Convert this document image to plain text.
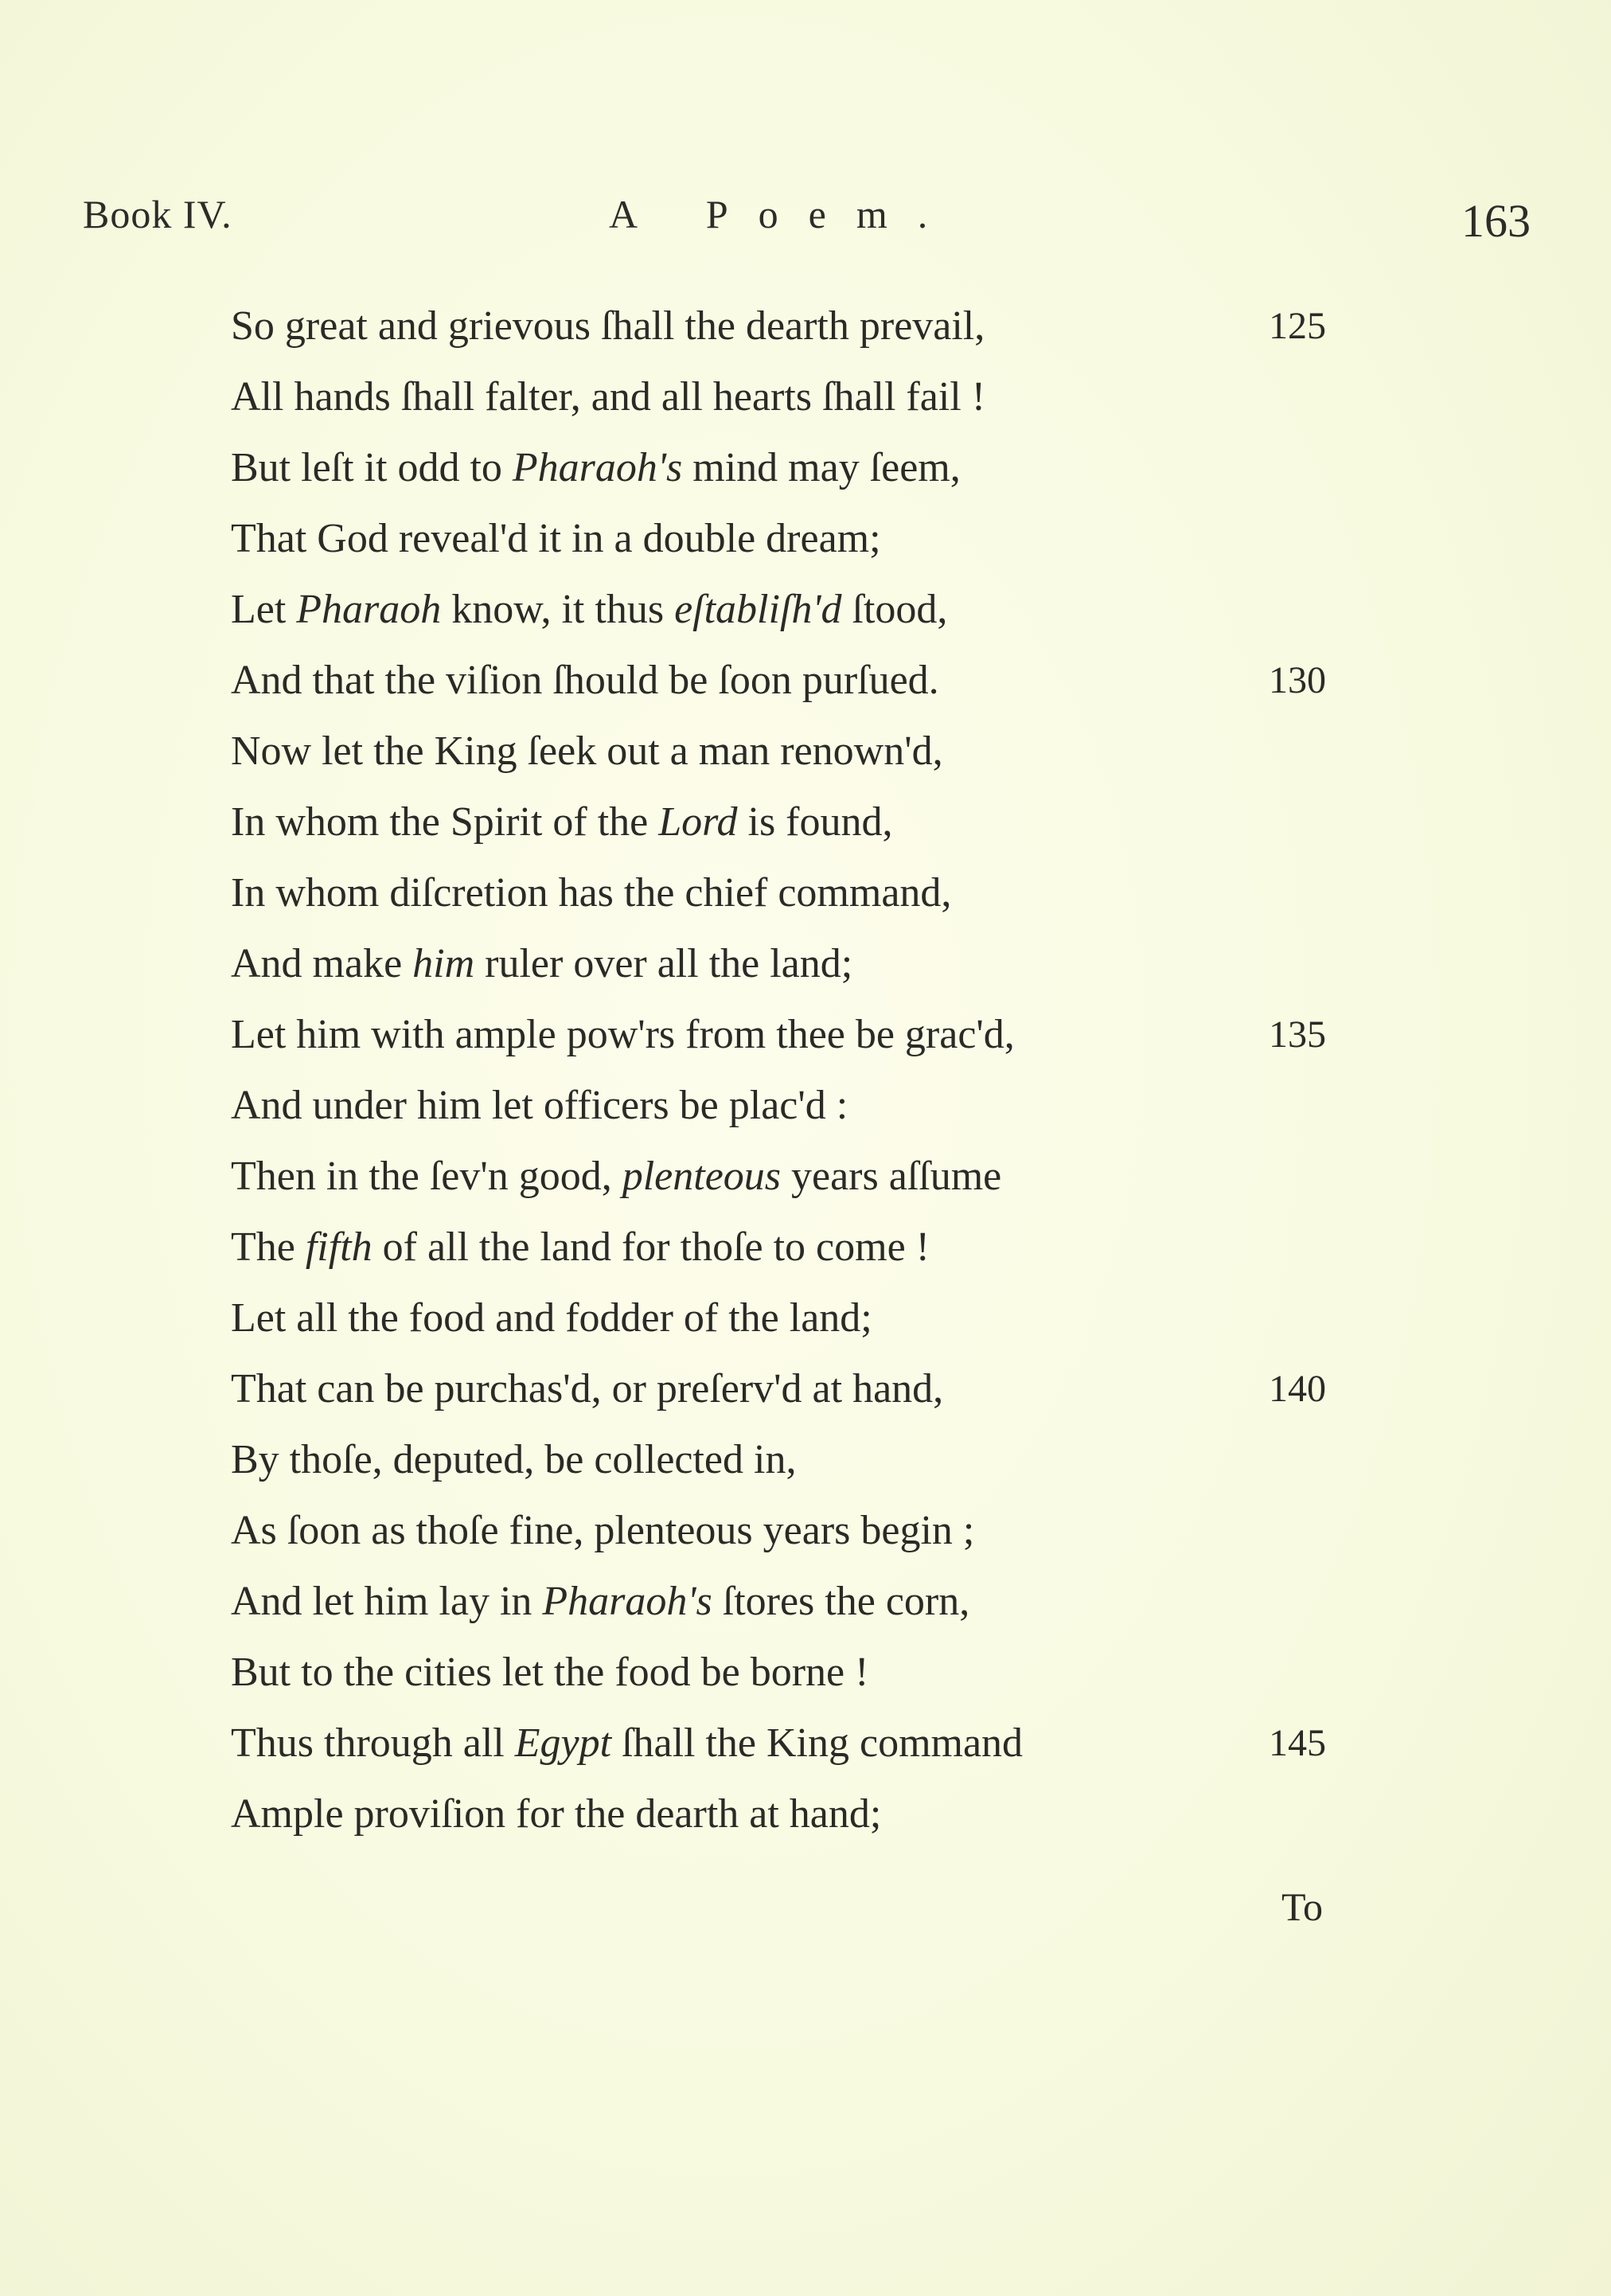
Book IV.	A Poem.	163
So great and grievous ſhall the dearth prevail,	125
All hands ſhall falter, and all hearts ſhall fail !
But leſt it odd to Pharaoh's mind may ſeem,
That God reveal'd it in a double dream;
Let Pharaoh know, it thus eſtabliſh'd ſtood,
And that the viſion ſhould be ſoon purſued.	130
Now let the King ſeek out a man renown'd,
In whom the Spirit of the Lord is found,
In whom diſcretion has the chief command,
And make him ruler over all the land;
Let him with ample pow'rs from thee be grac'd,	135
And under him let officers be plac'd :
Then in the ſev'n good, plenteous years aſſume
The fifth of all the land for thoſe to come !
Let all the food and fodder of the land;
That can be purchas'd, or preſerv'd at hand,	140
By thoſe, deputed, be collected in,
As ſoon as thoſe fine, plenteous years begin ;
And let him lay in Pharaoh's ſtores the corn,
But to the cities let the food be borne !
Thus through all Egypt ſhall the King command	145
Ample proviſion for the dearth at hand;
To
